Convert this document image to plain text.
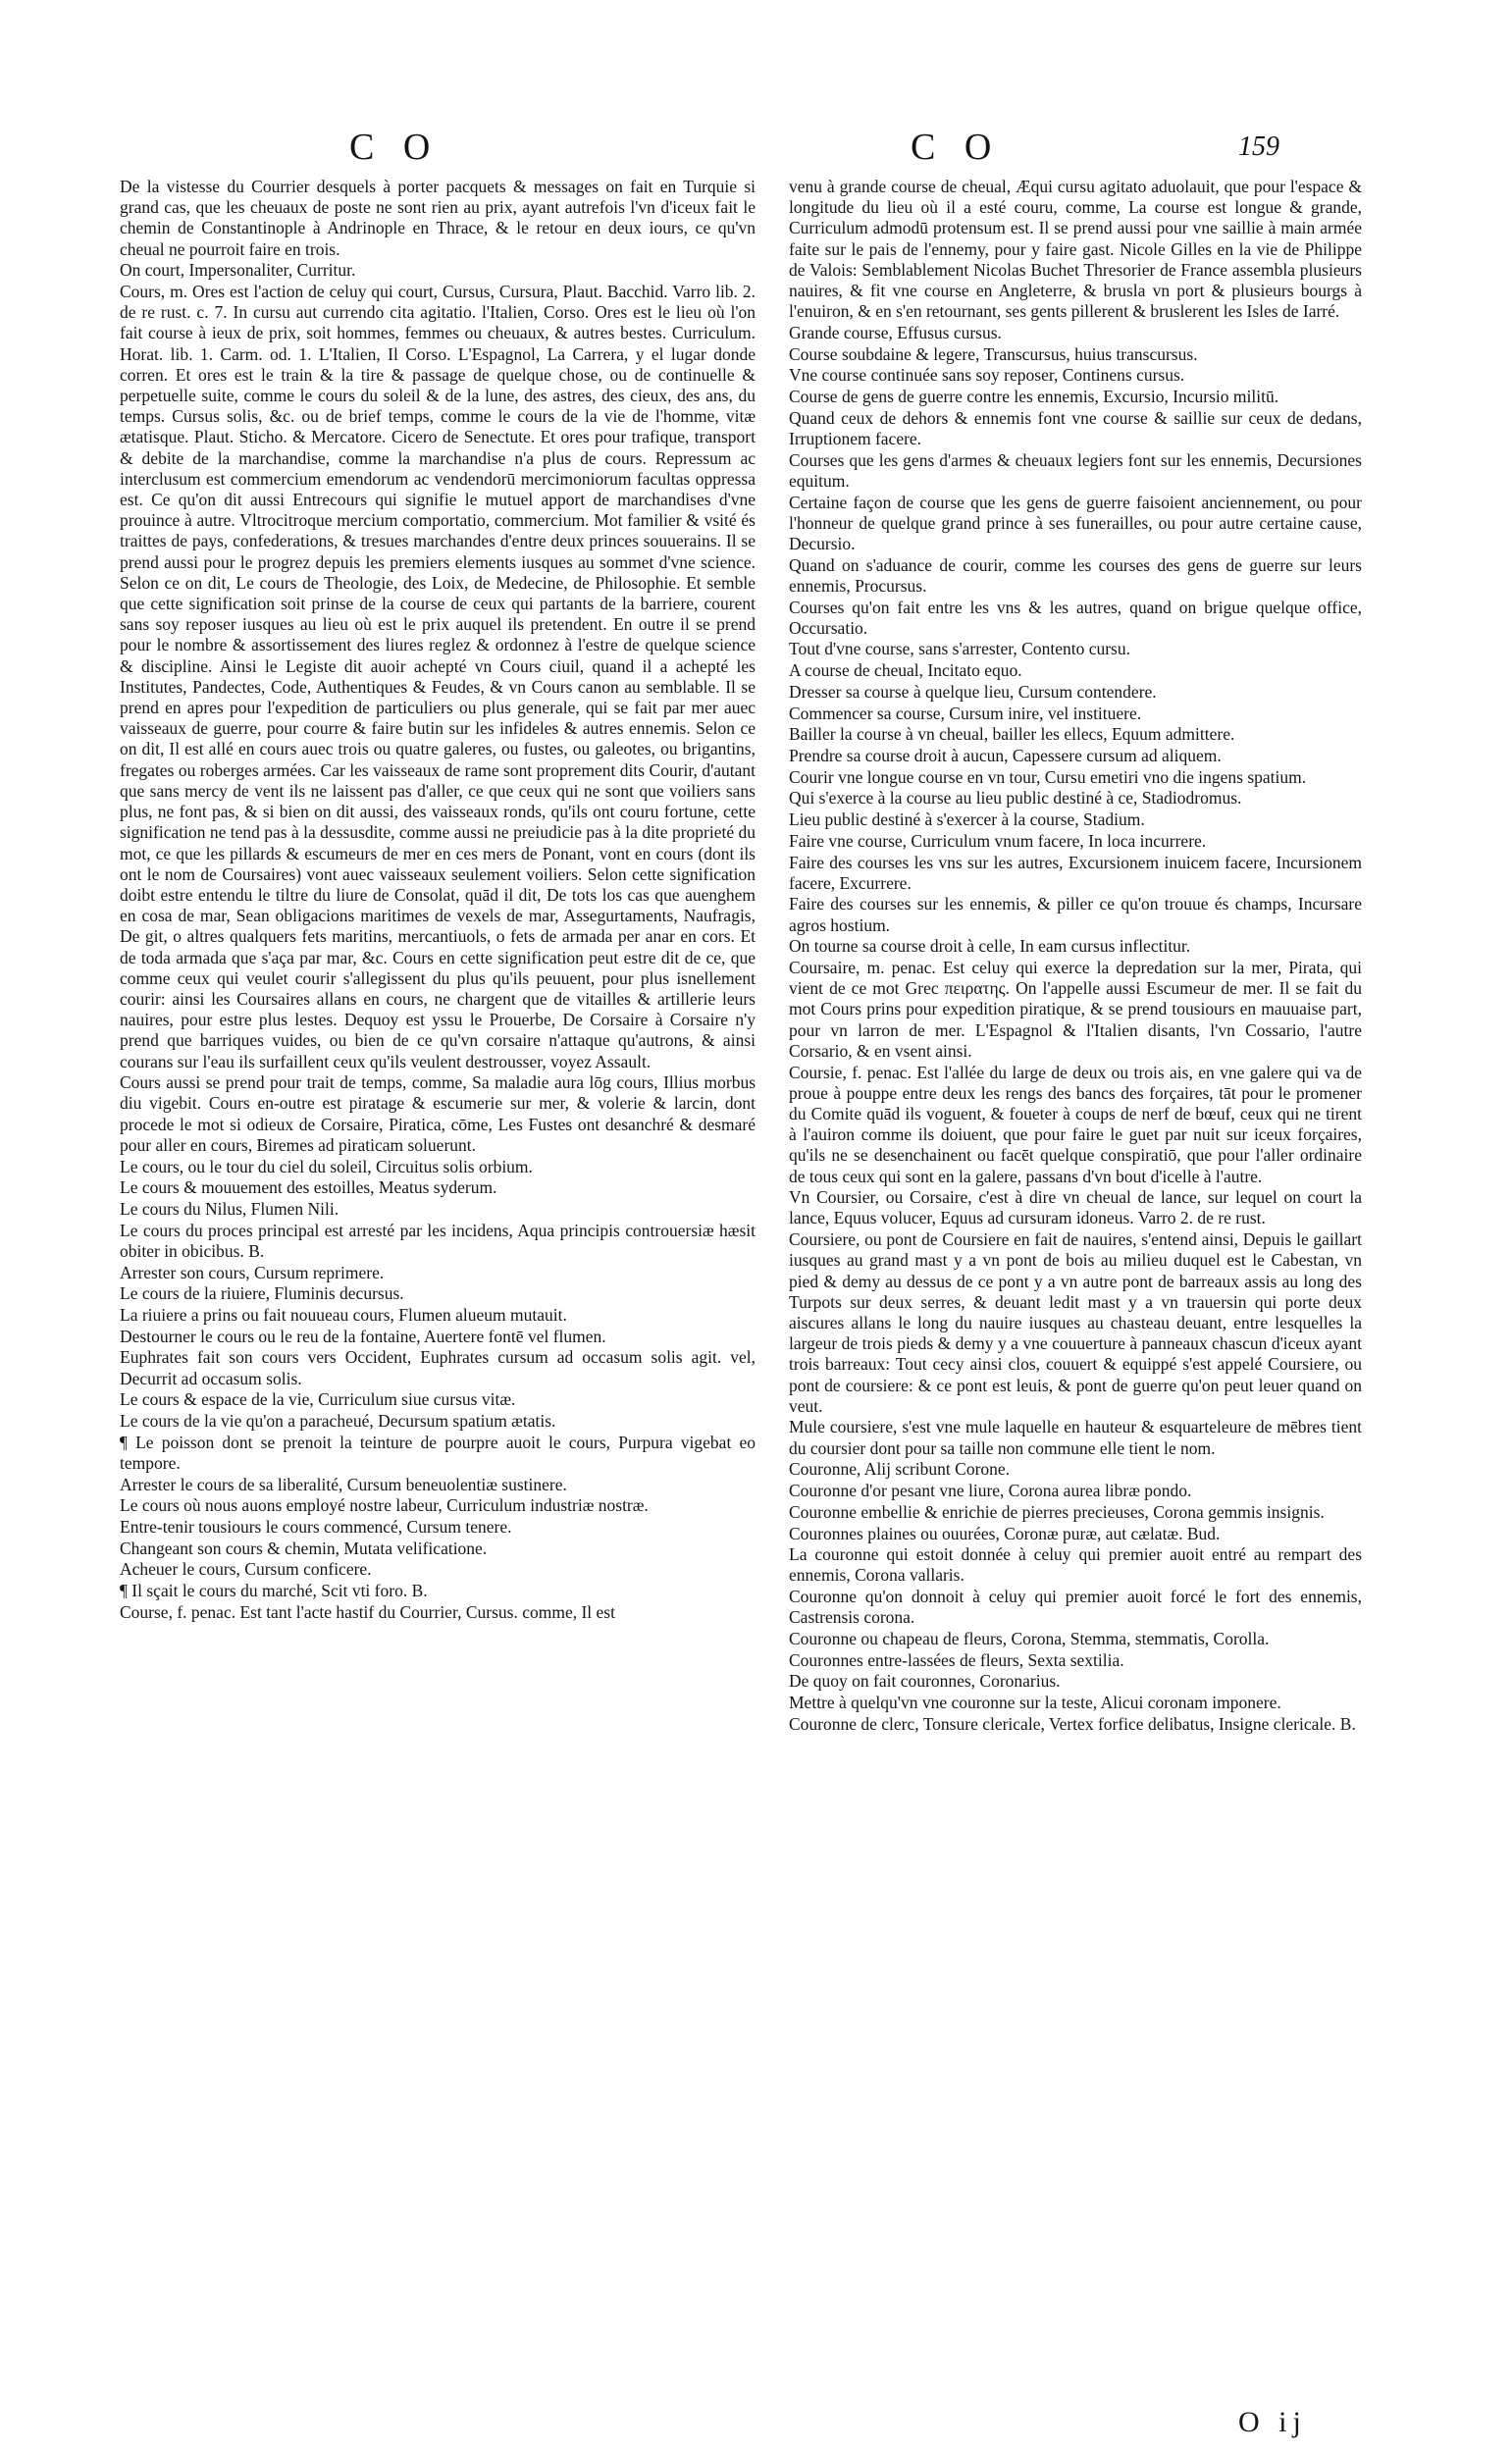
C O	C O	159

De la vistesse du Courrier desquels à porter pacquets & messages on fait en Turquie si grand cas, que les cheuaux de poste ne sont rien au prix, ayant autrefois l'vn d'iceux fait le chemin de Constantinople à Andrinople en Thrace, & le retour en deux iours, ce qu'vn cheual ne pourroit faire en trois.

On court, Impersonaliter, Curritur.

Cours, m. Ores est l'action de celuy qui court, Cursus, Cursura, Plaut. Bacchid. Varro lib. 2. de re rust. c. 7. In cursu aut currendo cita agitatio. l'Italien, Corso. Ores est le lieu où l'on fait course à ieux de prix, soit hommes, femmes ou cheuaux, & autres bestes. Curriculum. Horat. lib. 1. Carm. od. 1. L'Italien, Il Corso. L'Espagnol, La Carrera, y el lugar donde corren. Et ores est le train & la tire & passage de quelque chose, ou de continuelle & perpetuelle suite, comme le cours du soleil & de la lune, des astres, des cieux, des ans, du temps. Cursus solis, &c. ou de brief temps, comme le cours de la vie de l'homme, vitæ ætatisque. Plaut. Sticho. & Mercatore. Cicero de Senectute. Et ores pour trafique, transport & debite de la marchandise, comme la marchandise n'a plus de cours. Repressum ac interclusum est commercium emendorum ac vendendorū mercimoniorum facultas oppressa est. Ce qu'on dit aussi Entrecours qui signifie le mutuel apport de marchandises d'vne prouince à autre. Vltrocitroque mercium comportatio, commercium. Mot familier & vsité és traittes de pays, confederations, & tresues marchandes d'entre deux princes souuerains. Il se prend aussi pour le progrez depuis les premiers elements iusques au sommet d'vne science. Selon ce on dit, Le cours de Theologie, des Loix, de Medecine, de Philosophie. Et semble que cette signification soit prinse de la course de ceux qui partants de la barriere, courent sans soy reposer iusques au lieu où est le prix auquel ils pretendent. En outre il se prend pour le nombre & assortissement des liures reglez & ordonnez à l'estre de quelque science & discipline. Ainsi le Legiste dit auoir achepté vn Cours ciuil, quand il a achepté les Institutes, Pandectes, Code, Authentiques & Feudes, & vn Cours canon au semblable. Il se prend en apres pour l'expedition de particuliers ou plus generale, qui se fait par mer auec vaisseaux de guerre, pour courre & faire butin sur les infideles & autres ennemis. Selon ce on dit, Il est allé en cours auec trois ou quatre galeres, ou fustes, ou galeotes, ou brigantins, fregates ou roberges armées. Car les vaisseaux de rame sont proprement dits Courir, d'autant que sans mercy de vent ils ne laissent pas d'aller, ce que ceux qui ne sont que voiliers sans plus, ne font pas, & si bien on dit aussi, des vaisseaux ronds, qu'ils ont couru fortune, cette signification ne tend pas à la dessusdite, comme aussi ne preiudicie pas à la dite proprieté du mot, ce que les pillards & escumeurs de mer en ces mers de Ponant, vont en cours (dont ils ont le nom de Coursaires) vont auec vaisseaux seulement voiliers. Selon cette signification doibt estre entendu le tiltre du liure de Consolat, quād il dit, De tots los cas que auenghem en cosa de mar, Sean obligacions maritimes de vexels de mar, Assegurtaments, Naufragis, De git, o altres qualquers fets maritins, mercantiuols, o fets de armada per anar en cors. Et de toda armada que s'aça par mar, &c. Cours en cette signification peut estre dit de ce, que comme ceux qui veulet courir s'allegissent du plus qu'ils peuuent, pour plus isnellement courir: ainsi les Coursaires allans en cours, ne chargent que de vitailles & artillerie leurs nauires, pour estre plus lestes. Dequoy est yssu le Prouerbe, De Corsaire à Corsaire n'y prend que barriques vuides, ou bien de ce qu'vn corsaire n'attaque qu'autrons, & ainsi courans sur l'eau ils surfaillent ceux qu'ils veulent destrousser, voyez Assault.

Cours aussi se prend pour trait de temps, comme, Sa maladie aura lōg cours, Illius morbus diu vigebit. Cours en-outre est piratage & escumerie sur mer, & volerie & larcin, dont procede le mot si odieux de Corsaire, Piratica, cōme, Les Fustes ont desanchré & desmaré pour aller en cours, Biremes ad piraticam soluerunt.

Le cours, ou le tour du ciel du soleil, Circuitus solis orbium.

Le cours & mouuement des estoilles, Meatus syderum.

Le cours du Nilus, Flumen Nili.

Le cours du proces principal est arresté par les incidens, Aqua principis controuersiæ hæsit obiter in obicibus. B.

Arrester son cours, Cursum reprimere.

Le cours de la riuiere, Fluminis decursus.

La riuiere a prins ou fait nouueau cours, Flumen alueum mutauit.

Destourner le cours ou le reu de la fontaine, Auertere fontē vel flumen.

Euphrates fait son cours vers Occident, Euphrates cursum ad occasum solis agit. vel, Decurrit ad occasum solis.

Le cours & espace de la vie, Curriculum siue cursus vitæ.

Le cours de la vie qu'on a paracheué, Decursum spatium ætatis.

¶ Le poisson dont se prenoit la teinture de pourpre auoit le cours, Purpura vigebat eo tempore.

Arrester le cours de sa liberalité, Cursum beneuolentiæ sustinere.

Le cours où nous auons employé nostre labeur, Curriculum industriæ nostræ.

Entre-tenir tousiours le cours commencé, Cursum tenere.

Changeant son cours & chemin, Mutata velificatione.

Acheuer le cours, Cursum conficere.

¶ Il sçait le cours du marché, Scit vti foro. B.

Course, f. penac. Est tant l'acte hastif du Courrier, Cursus. comme, Il est

venu à grande course de cheual, Æqui cursu agitato aduolauit, que pour l'espace & longitude du lieu où il a esté couru, comme, La course est longue & grande, Curriculum admodū protensum est. Il se prend aussi pour vne saillie à main armée faite sur le pais de l'ennemy, pour y faire gast. Nicole Gilles en la vie de Philippe de Valois: Semblablement Nicolas Buchet Thresorier de France assembla plusieurs nauires, & fit vne course en Angleterre, & brusla vn port & plusieurs bourgs à l'enuiron, & en s'en retournant, ses gents pillerent & bruslerent les Isles de Iarré.

Grande course, Effusus cursus.

Course soubdaine & legere, Transcursus, huius transcursus.

Vne course continuée sans soy reposer, Continens cursus.

Course de gens de guerre contre les ennemis, Excursio, Incursio militū.

Quand ceux de dehors & ennemis font vne course & saillie sur ceux de dedans, Irruptionem facere.

Courses que les gens d'armes & cheuaux legiers font sur les ennemis, Decursiones equitum.

Certaine façon de course que les gens de guerre faisoient anciennement, ou pour l'honneur de quelque grand prince à ses funerailles, ou pour autre certaine cause, Decursio.

Quand on s'aduance de courir, comme les courses des gens de guerre sur leurs ennemis, Procursus.

Courses qu'on fait entre les vns & les autres, quand on brigue quelque office, Occursatio.

Tout d'vne course, sans s'arrester, Contento cursu.

A course de cheual, Incitato equo.

Dresser sa course à quelque lieu, Cursum contendere.

Commencer sa course, Cursum inire, vel instituere.

Bailler la course à vn cheual, bailler les ellecs, Equum admittere.

Prendre sa course droit à aucun, Capessere cursum ad aliquem.

Courir vne longue course en vn tour, Cursu emetiri vno die ingens spatium.

Qui s'exerce à la course au lieu public destiné à ce, Stadiodromus.

Lieu public destiné à s'exercer à la course, Stadium.

Faire vne course, Curriculum vnum facere, In loca incurrere.

Faire des courses les vns sur les autres, Excursionem inuicem facere, Incursionem facere, Excurrere.

Faire des courses sur les ennemis, & piller ce qu'on trouue és champs, Incursare agros hostium.

On tourne sa course droit à celle, In eam cursus inflectitur.

Coursaire, m. penac. Est celuy qui exerce la depredation sur la mer, Pirata, qui vient de ce mot Grec πειρατης. On l'appelle aussi Escumeur de mer. Il se fait du mot Cours prins pour expedition piratique, & se prend tousiours en mauuaise part, pour vn larron de mer. L'Espagnol & l'Italien disants, l'vn Cossario, l'autre Corsario, & en vsent ainsi.

Coursie, f. penac. Est l'allée du large de deux ou trois ais, en vne galere qui va de proue à pouppe entre deux les rengs des bancs des forçaires, tāt pour le promener du Comite quād ils voguent, & foueter à coups de nerf de bœuf, ceux qui ne tirent à l'auiron comme ils doiuent, que pour faire le guet par nuit sur iceux forçaires, qu'ils ne se desenchainent ou facēt quelque conspiratiō, que pour l'aller ordinaire de tous ceux qui sont en la galere, passans d'vn bout d'icelle à l'autre.

Vn Coursier, ou Corsaire, c'est à dire vn cheual de lance, sur lequel on court la lance, Equus volucer, Equus ad cursuram idoneus. Varro 2. de re rust.

Coursiere, ou pont de Coursiere en fait de nauires, s'entend ainsi, Depuis le gaillart iusques au grand mast y a vn pont de bois au milieu duquel est le Cabestan, vn pied & demy au dessus de ce pont y a vn autre pont de barreaux assis au long des Turpots sur deux serres, & deuant ledit mast y a vn trauersin qui porte deux aiscures allans le long du nauire iusques au chasteau deuant, entre lesquelles la largeur de trois pieds & demy y a vne couuerture à panneaux chascun d'iceux ayant trois barreaux: Tout cecy ainsi clos, couuert & equippé s'est appelé Coursiere, ou pont de coursiere: & ce pont est leuis, & pont de guerre qu'on peut leuer quand on veut.

Mule coursiere, s'est vne mule laquelle en hauteur & esquarteleure de mēbres tient du coursier dont pour sa taille non commune elle tient le nom.

Couronne, Alij scribunt Corone.

Couronne d'or pesant vne liure, Corona aurea libræ pondo.

Couronne embellie & enrichie de pierres precieuses, Corona gemmis insignis.

Couronnes plaines ou ouurées, Coronæ puræ, aut cælatæ. Bud.

La couronne qui estoit donnée à celuy qui premier auoit entré au rempart des ennemis, Corona vallaris.

Couronne qu'on donnoit à celuy qui premier auoit forcé le fort des ennemis, Castrensis corona.

Couronne ou chapeau de fleurs, Corona, Stemma, stemmatis, Corolla.

Couronnes entre-lassées de fleurs, Sexta sextilia.

De quoy on fait couronnes, Coronarius.

Mettre à quelqu'vn vne couronne sur la teste, Alicui coronam imponere.

Couronne de clerc, Tonsure clericale, Vertex forfice delibatus, Insigne clericale. B.

O ij
